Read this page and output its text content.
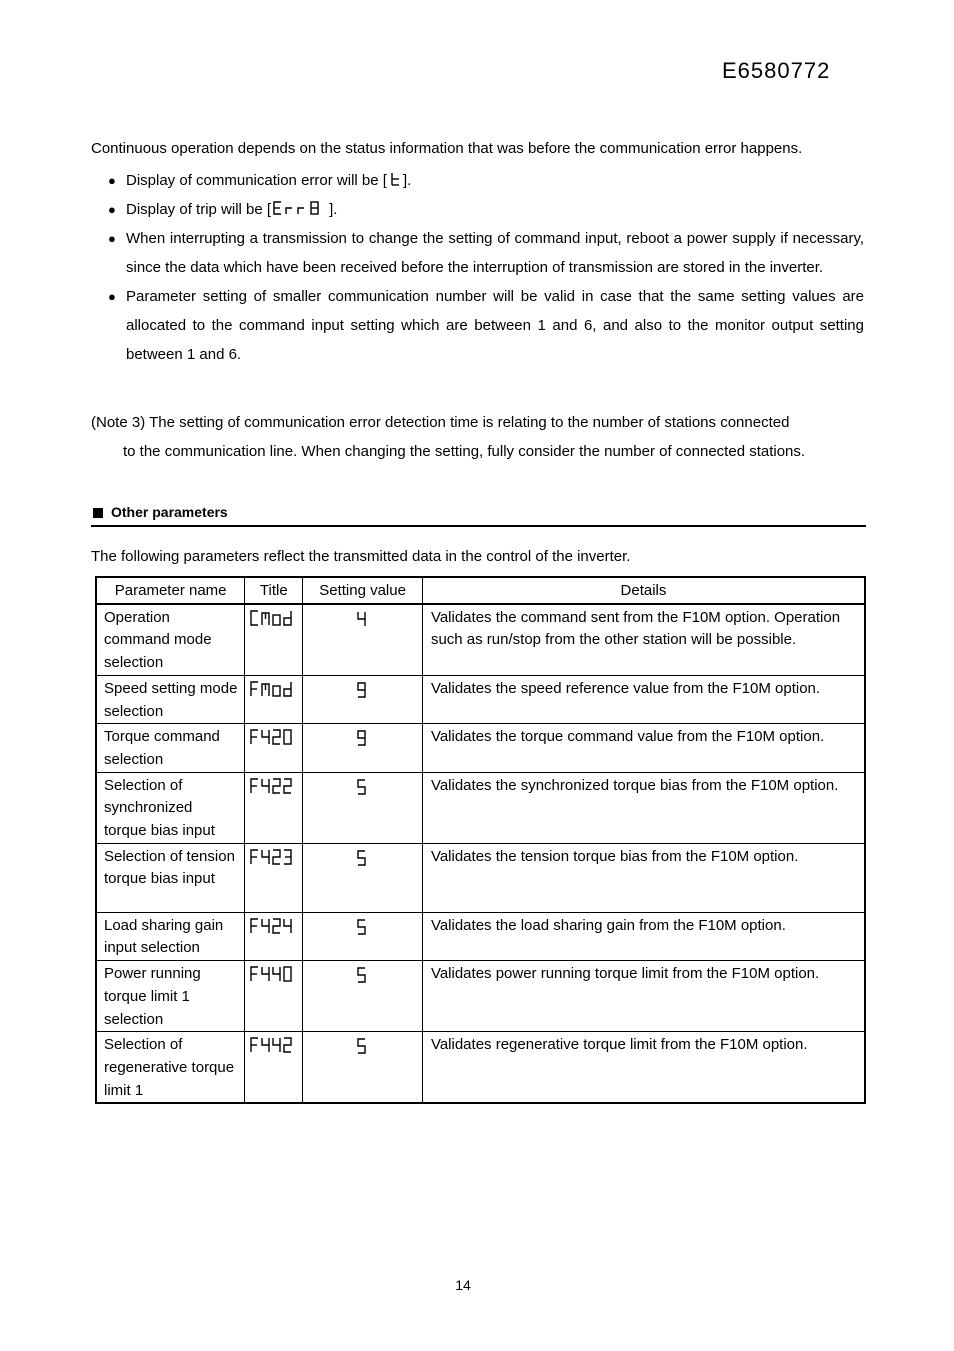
E6580772

Continuous operation depends on the status information that was before the communication error happens.

● Display of communication error will be [ ].
● Display of trip will be [	].
● When interrupting a transmission to change the setting of command input, reboot a power supply if necessary, since the data which have been received before the interruption of transmission are stored in the inverter.
● Parameter setting of smaller communication number will be valid in case that the same setting values are allocated to the command input setting which are between 1 and 6, and also to the monitor output setting between 1 and 6.
(Note 3) The setting of communication error detection time is relating to the number of stations connected
to the communication line. When changing the setting, fully consider the number of connected stations.
Other parameters

The following parameters reflect the transmitted data in the control of the inverter.

Parameter name	Title	Setting value	Details
Operation command mode selection			Validates the command sent from the F10M option. Operation such as run/stop from the other station will be possible.
Speed setting mode selection			Validates the speed reference value from the F10M option.
Torque command selection			Validates the torque command value from the F10M option.
Selection of synchronized torque bias input			Validates the synchronized torque bias from the F10M option.
Selection of tension torque bias input			Validates the tension torque bias from the F10M option.
Load sharing gain input selection			Validates the load sharing gain from the F10M option.
Power running torque limit 1 selection			Validates power running torque limit from the F10M option.
Selection of regenerative torque limit 1			Validates regenerative torque limit from the F10M option.
14
